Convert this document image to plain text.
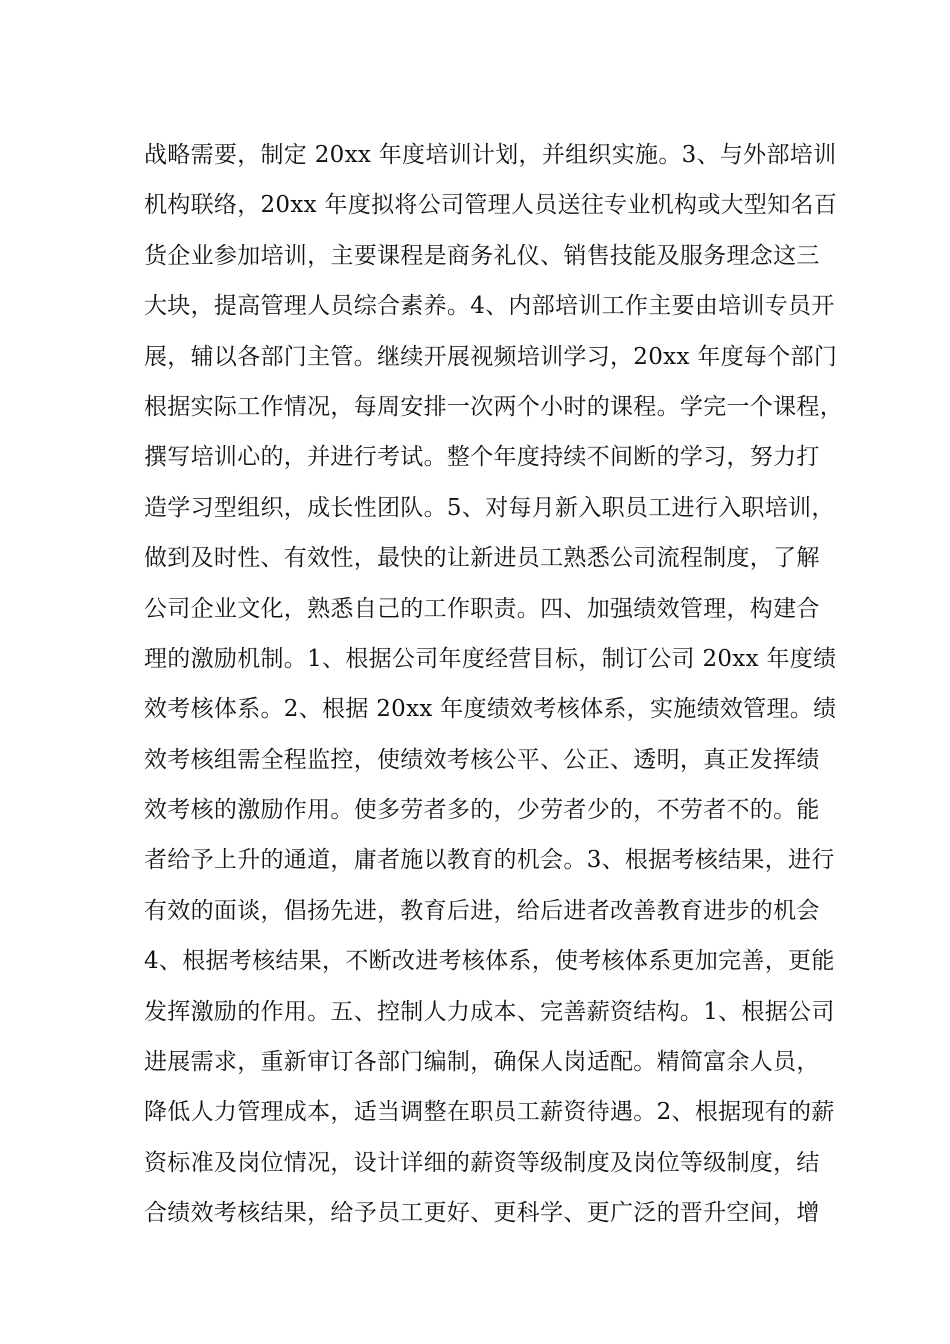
战略需要，制定 20xx 年度培训计划，并组织实施。3、与外部培训
机构联络，20xx 年度拟将公司管理人员送往专业机构或大型知名百
货企业参加培训，主要课程是商务礼仪、销售技能及服务理念这三
大块，提高管理人员综合素养。4、内部培训工作主要由培训专员开
展，辅以各部门主管。继续开展视频培训学习，20xx 年度每个部门
根据实际工作情况，每周安排一次两个小时的课程。学完一个课程，
撰写培训心的，并进行考试。整个年度持续不间断的学习，努力打
造学习型组织，成长性团队。5、对每月新入职员工进行入职培训，
做到及时性、有效性，最快的让新进员工熟悉公司流程制度，了解
公司企业文化，熟悉自己的工作职责。四、加强绩效管理，构建合
理的激励机制。1、根据公司年度经营目标，制订公司 20xx 年度绩
效考核体系。2、根据 20xx 年度绩效考核体系，实施绩效管理。绩
效考核组需全程监控，使绩效考核公平、公正、透明，真正发挥绩
效考核的激励作用。使多劳者多的，少劳者少的，不劳者不的。能
者给予上升的通道，庸者施以教育的机会。3、根据考核结果，进行
有效的面谈，倡扬先进，教育后进，给后进者改善教育进步的机会
4、根据考核结果，不断改进考核体系，使考核体系更加完善，更能
发挥激励的作用。五、控制人力成本、完善薪资结构。1、根据公司
进展需求，重新审订各部门编制，确保人岗适配。精简富余人员，
降低人力管理成本，适当调整在职员工薪资待遇。2、根据现有的薪
资标准及岗位情况，设计详细的薪资等级制度及岗位等级制度，结
合绩效考核结果，给予员工更好、更科学、更广泛的晋升空间，增
